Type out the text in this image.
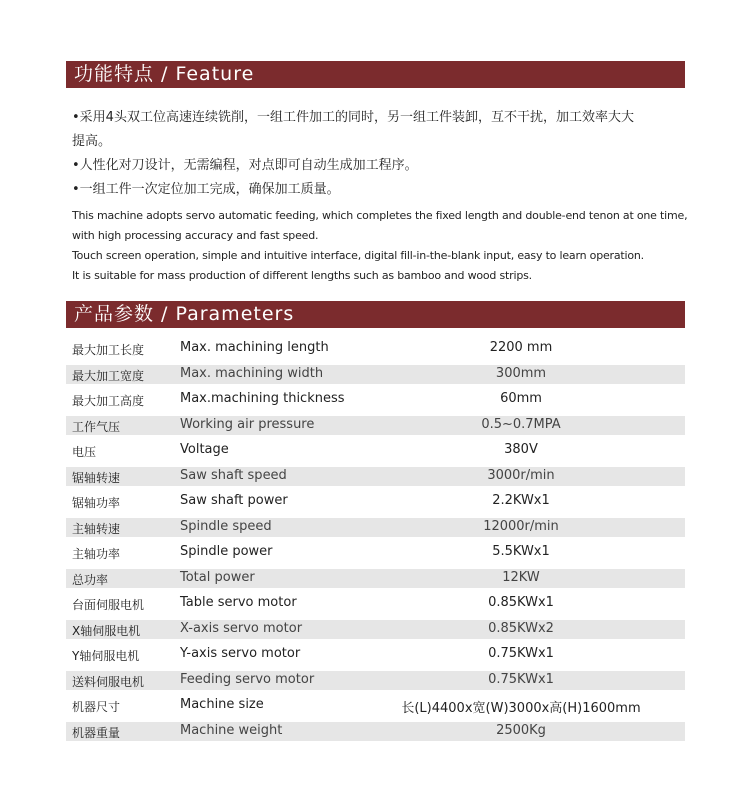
功能特点 / Feature
•采用4头双工位高速连续铣削，一组工件加工的同时，另一组工件装卸，互不干扰，加工效率大大
提高。
•人性化对刀设计，无需编程，对点即可自动生成加工程序。
•一组工件一次定位加工完成，确保加工质量。
This machine adopts servo automatic feeding, which completes the fixed length and double-end tenon at one time,
with high processing accuracy and fast speed.
Touch screen operation, simple and intuitive interface, digital fill-in-the-blank input, easy to learn operation.
It is suitable for mass production of different lengths such as bamboo and wood strips.
产品参数 / Parameters
最大加工长度	Max. machining length	2200 mm
最大加工宽度	Max. machining width	300mm
最大加工高度	Max.machining thickness	60mm
工作气压	Working air pressure	0.5~0.7MPA
电压	Voltage	380V
锯轴转速	Saw shaft speed	3000r/min
锯轴功率	Saw shaft power	2.2KWx1
主轴转速	Spindle speed	12000r/min
主轴功率	Spindle power	5.5KWx1
总功率	Total power	12KW
台面伺服电机	Table servo motor	0.85KWx1
X轴伺服电机	X-axis servo motor	0.85KWx2
Y轴伺服电机	Y-axis servo motor	0.75KWx1
送料伺服电机	Feeding servo motor	0.75KWx1
机器尺寸	Machine size	长(L)4400x宽(W)3000x高(H)1600mm
机器重量	Machine weight	2500Kg
